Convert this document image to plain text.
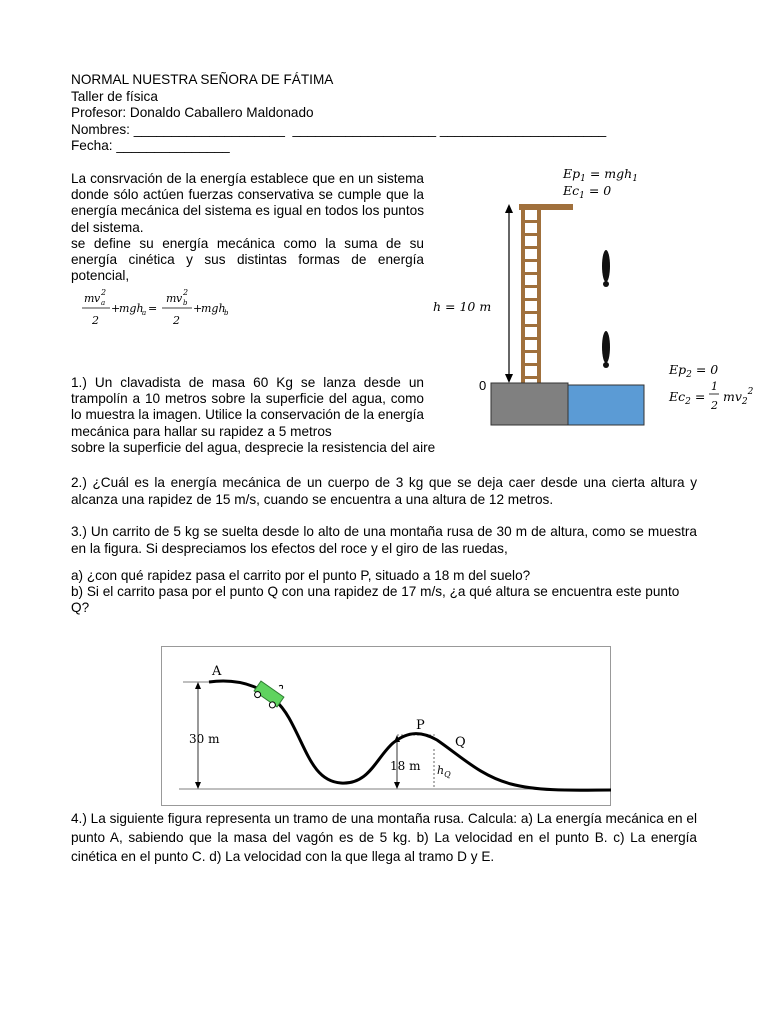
NORMAL NUESTRA SEÑORA DE FÁTIMA
Taller de física
Profesor: Donaldo Caballero Maldonado
Nombres: ____________________  ___________________ ______________________
Fecha: _______________

La consrvación de la energía establece que en un sistema donde sólo actúen fuerzas conservativa se cumple que la energía mecánica del sistema es igual en todos los puntos del sistema.

se define su energía mecánica como la suma de su energía cinética y sus distintas formas de energía potencial,

m v 2
a
2
+
mgh
a =
m v 2
b
2
+
mgh
b
1.) Un clavadista de masa 60 Kg se lanza desde un trampolín a 10 metros sobre la superficie del agua, como lo muestra la imagen. Utilice la conservación de la energía mecánica para hallar su rapidez a 5 metros
sobre la superficie del agua, desprecie la resistencia del aire
$Ep_1 = mgh_1$
$Ec_1 = 0$
h = 10 m
0
$Ep_2 = 0$
$Ec_2$ =
1
2
$mv_2^2$
2.) ¿Cuál es la energía mecánica de un cuerpo de 3 kg que se deja caer desde una cierta altura y alcanza una rapidez de 15 m/s, cuando se encuentra a una altura de 12 metros.
3.) Un carrito de 5 kg se suelta desde lo alto de una montaña rusa de 30 m de altura, como se muestra en la figura. Si despreciamos los efectos del roce y el giro de las ruedas,
a) ¿con qué rapidez pasa el carrito por el punto P, situado a 18 m del suelo?
b) Si el carrito pasa por el punto Q con una rapidez de 17 m/s, ¿a qué altura se encuentra este punto Q?
30 m
A
P
18 m
Q
$h_Q$
4.) La siguiente figura representa un tramo de una montaña rusa. Calcula: a) La energía mecánica en el punto A, sabiendo que la masa del vagón es de 5 kg. b) La velocidad en el punto B. c) La energía cinética en el punto C. d) La velocidad con la que llega al tramo D y E.
